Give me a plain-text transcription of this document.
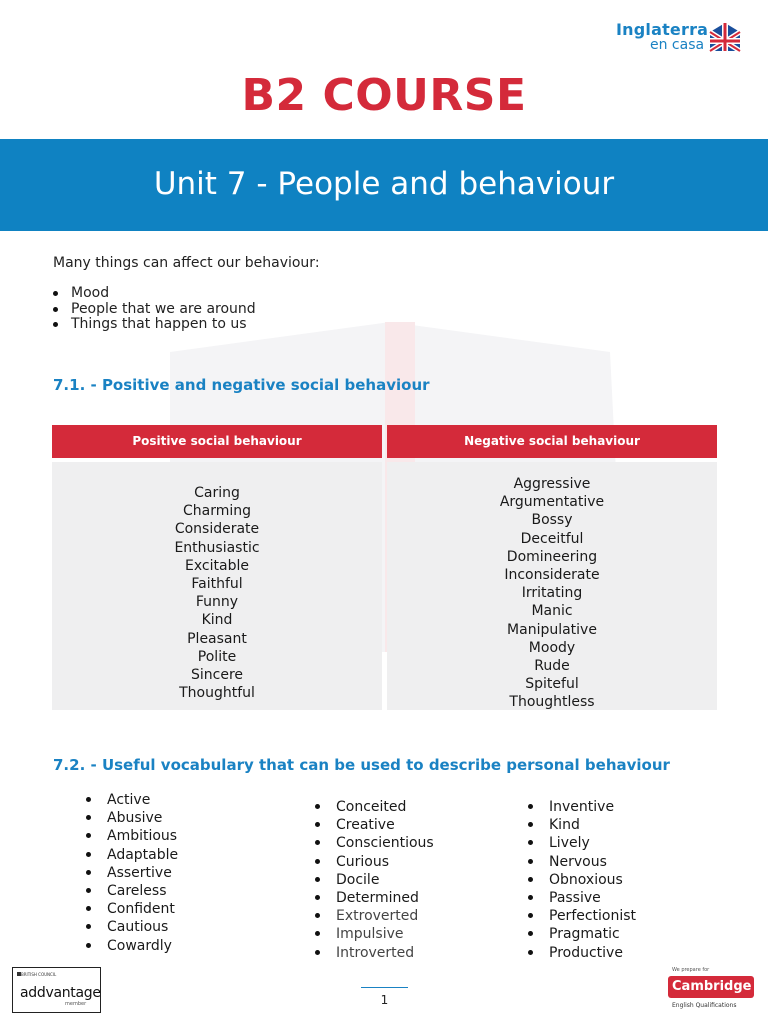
Inglaterra
en casa
B2 COURSE
Unit 7 - People and behaviour
Many things can affect our behaviour:
Mood
People that we are around
Things that happen to us
7.1. - Positive and negative social behaviour
Positive social behaviour	Negative social behaviour
Caring
Charming
Considerate
Enthusiastic
Excitable
Faithful
Funny
Kind
Pleasant
Polite
Sincere
Thoughtful
Aggressive
Argumentative
Bossy
Deceitful
Domineering
Inconsiderate
Irritating
Manic
Manipulative
Moody
Rude
Spiteful
Thoughtless
7.2. - Useful vocabulary that can be used to describe personal behaviour
Active
Abusive
Ambitious
Adaptable
Assertive
Careless
Confident
Cautious
Cowardly
Conceited
Creative
Conscientious
Curious
Docile
Determined
Extroverted
Impulsive
Introverted
Inventive
Kind
Lively
Nervous
Obnoxious
Passive
Perfectionist
Pragmatic
Productive
BRITISH COUNCIL
addvantage
member	1
We prepare for
Cambridge
English Qualifications
